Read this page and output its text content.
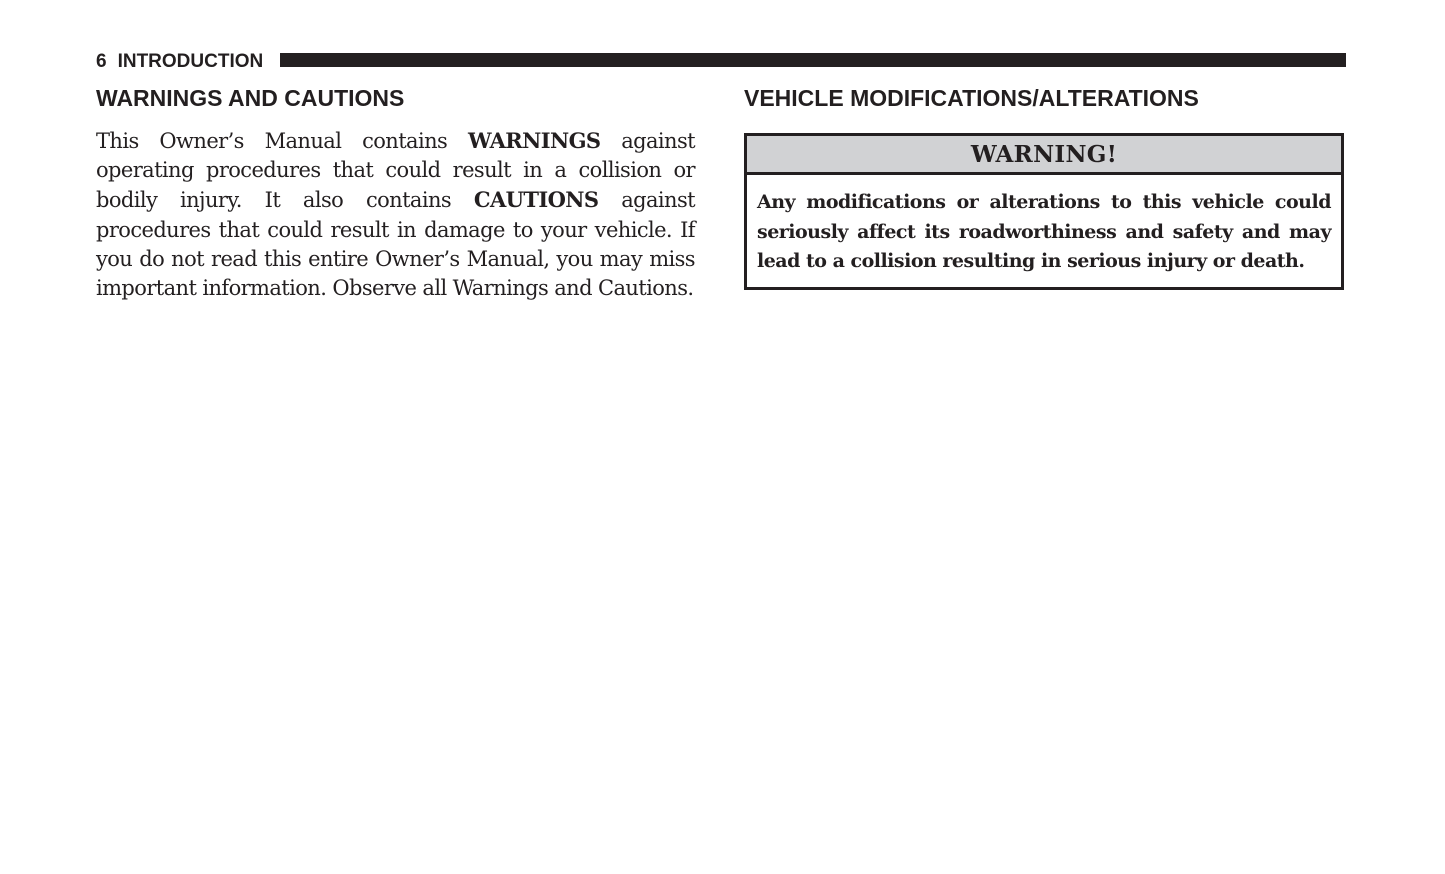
6 INTRODUCTION
WARNINGS AND CAUTIONS

This Owner’s Manual contains WARNINGS against operating procedures that could result in a collision or bodily injury. It also contains CAUTIONS against procedures that could result in damage to your vehicle. If you do not read this entire Owner’s Manual, you may miss important information. Observe all Warnings and Cautions.

VEHICLE MODIFICATIONS/ALTERATIONS
WARNING!
Any modifications or alterations to this vehicle could seriously affect its roadworthiness and safety and may lead to a collision resulting in serious injury or death.
